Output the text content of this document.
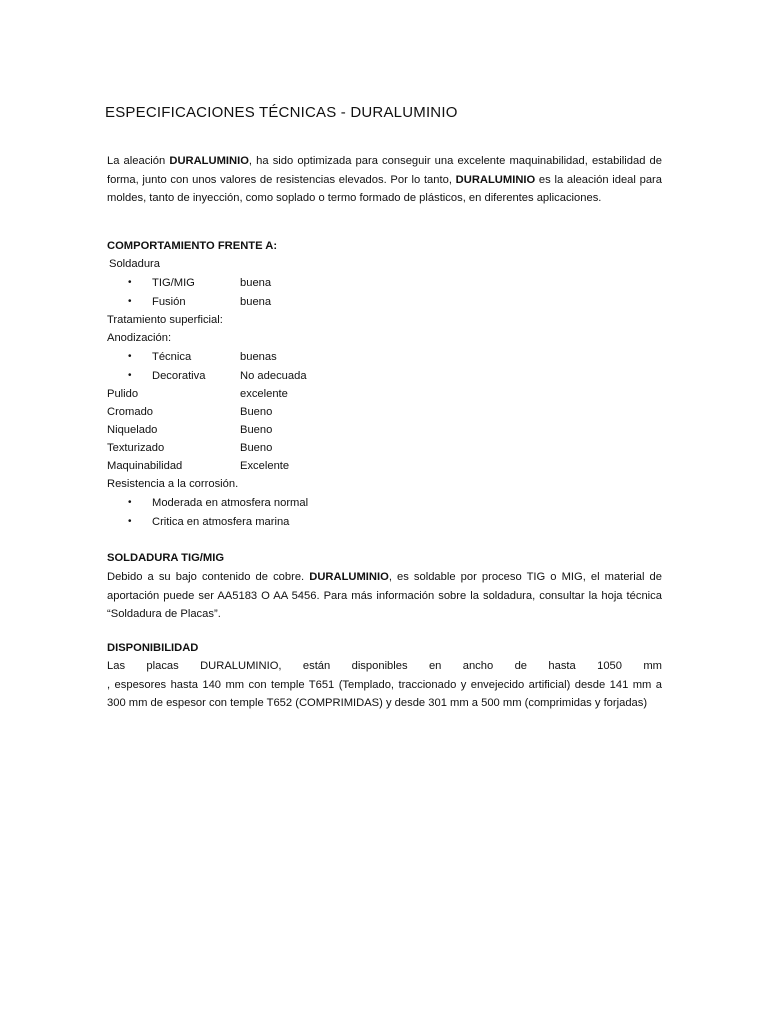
ESPECIFICACIONES TÉCNICAS - DURALUMINIO

La aleación DURALUMINIO, ha sido optimizada para conseguir una excelente maquinabilidad, estabilidad de forma, junto con unos valores de resistencias elevados. Por lo tanto, DURALUMINIO es la aleación ideal para moldes, tanto de inyección, como soplado o termo formado de plásticos, en diferentes aplicaciones.

COMPORTAMIENTO FRENTE A:
Soldadura
• TIG/MIG	buena
• Fusión	buena
Tratamiento superficial:
Anodización:
• Técnica	buenas
• Decorativa	No adecuada
Pulido	excelente
Cromado	Bueno
Niquelado	Bueno
Texturizado	Bueno
Maquinabilidad	Excelente
Resistencia a la corrosión.
• Moderada en atmosfera normal
• Critica en atmosfera marina
SOLDADURA TIG/MIG

Debido a su bajo contenido de cobre. DURALUMINIO, es soldable por proceso TIG o MIG, el material de aportación puede ser AA5183 O AA 5456. Para más información sobre la soldadura, consultar la hoja técnica “Soldadura de Placas”.

DISPONIBILIDAD

Las placas DURALUMINIO, están disponibles en ancho de hasta 1050 mm
, espesores hasta 140 mm con temple T651 (Templado, traccionado y envejecido artificial) desde 141 mm a 300 mm de espesor con temple T652 (COMPRIMIDAS) y desde 301 mm a 500 mm (comprimidas y forjadas)
